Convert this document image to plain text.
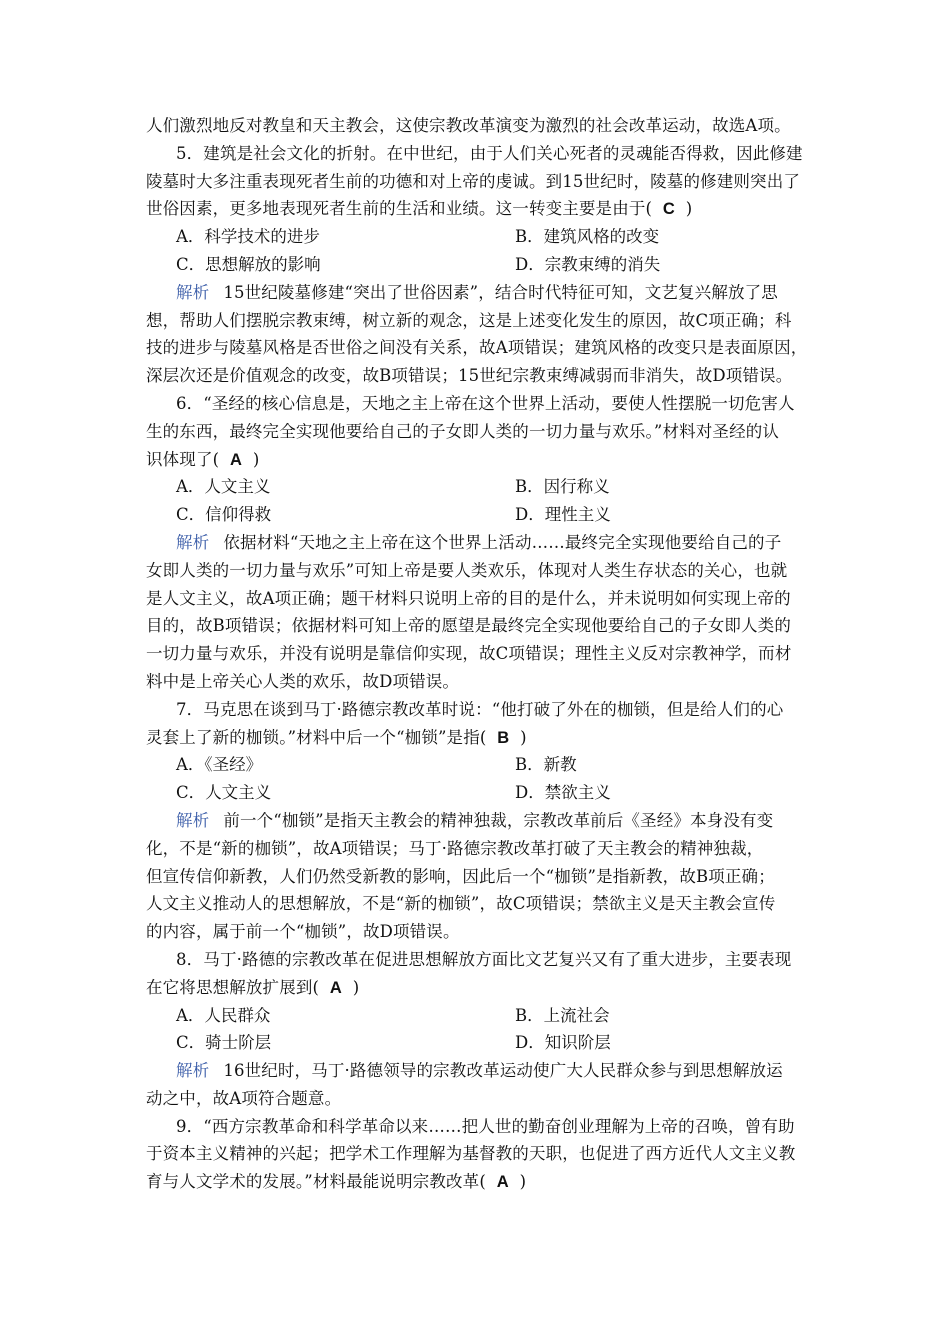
人们激烈地反对教皇和天主教会，这使宗教改革演变为激烈的社会改革运动，故选A项。
5．建筑是社会文化的折射。在中世纪，由于人们关心死者的灵魂能否得救，因此修建
陵墓时大多注重表现死者生前的功德和对上帝的虔诚。到15世纪时，陵墓的修建则突出了
世俗因素，更多地表现死者生前的生活和业绩。这一转变主要是由于( C )
A．科学技术的进步	B．建筑风格的改变
C．思想解放的影响	D．宗教束缚的消失
解析 15世纪陵墓修建“突出了世俗因素”，结合时代特征可知，文艺复兴解放了思
想，帮助人们摆脱宗教束缚，树立新的观念，这是上述变化发生的原因，故C项正确；科
技的进步与陵墓风格是否世俗之间没有关系，故A项错误；建筑风格的改变只是表面原因，
深层次还是价值观念的改变，故B项错误；15世纪宗教束缚减弱而非消失，故D项错误。
6．“圣经的核心信息是，天地之主上帝在这个世界上活动，要使人性摆脱一切危害人
生的东西，最终完全实现他要给自己的子女即人类的一切力量与欢乐。”材料对圣经的认
识体现了( A )
A．人文主义	B．因行称义
C．信仰得救	D．理性主义
解析 依据材料“天地之主上帝在这个世界上活动……最终完全实现他要给自己的子
女即人类的一切力量与欢乐”可知上帝是要人类欢乐，体现对人类生存状态的关心，也就
是人文主义，故A项正确；题干材料只说明上帝的目的是什么，并未说明如何实现上帝的
目的，故B项错误；依据材料可知上帝的愿望是最终完全实现他要给自己的子女即人类的
一切力量与欢乐，并没有说明是靠信仰实现，故C项错误；理性主义反对宗教神学，而材
料中是上帝关心人类的欢乐，故D项错误。
7．马克思在谈到马丁·路德宗教改革时说：“他打破了外在的枷锁，但是给人们的心
灵套上了新的枷锁。”材料中后一个“枷锁”是指( B )
A．《圣经》	B．新教
C．人文主义	D．禁欲主义
解析 前一个“枷锁”是指天主教会的精神独裁，宗教改革前后《圣经》本身没有变
化，不是“新的枷锁”，故A项错误；马丁·路德宗教改革打破了天主教会的精神独裁，
但宣传信仰新教，人们仍然受新教的影响，因此后一个“枷锁”是指新教，故B项正确；
人文主义推动人的思想解放，不是“新的枷锁”，故C项错误；禁欲主义是天主教会宣传
的内容，属于前一个“枷锁”，故D项错误。
8．马丁·路德的宗教改革在促进思想解放方面比文艺复兴又有了重大进步，主要表现
在它将思想解放扩展到( A )
A．人民群众	B．上流社会
C．骑士阶层	D．知识阶层
解析 16世纪时，马丁·路德领导的宗教改革运动使广大人民群众参与到思想解放运
动之中，故A项符合题意。
9．“西方宗教革命和科学革命以来……把人世的勤奋创业理解为上帝的召唤，曾有助
于资本主义精神的兴起；把学术工作理解为基督教的天职，也促进了西方近代人文主义教
育与人文学术的发展。”材料最能说明宗教改革( A )
